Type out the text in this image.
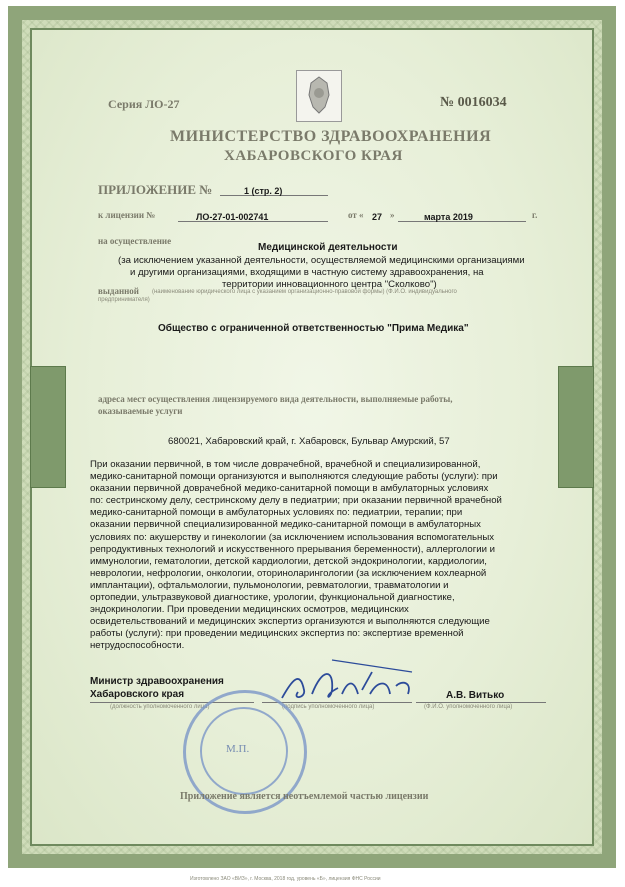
Серия ЛО-27	№ 0016034
МИНИСТЕРСТВО ЗДРАВООХРАНЕНИЯ
ХАБАРОВСКОГО КРАЯ
ПРИЛОЖЕНИЕ №	1 (стр. 2)
к лицензии №	ЛО-27-01-002741	от « 27 »	марта 2019	г.
на осуществление
Медицинской деятельности
(за исключением указанной деятельности, осуществляемой медицинскими организациями
и другими организациями, входящими в частную систему здравоохранения, на
территории инновационного центра "Сколково")
выданной (наименование юридического лица с указанием организационно-правовой формы) (Ф.И.О. индивидуального
предпринимателя)
Общество с ограниченной ответственностью "Прима Медика"
адреса мест осуществления лицензируемого вида деятельности, выполняемые работы,
оказываемые услуги
680021, Хабаровский край, г. Хабаровск, Бульвар Амурский, 57
При оказании первичной, в том числе доврачебной, врачебной и специализированной,
медико-санитарной помощи организуются и выполняются следующие работы (услуги): при
оказании первичной доврачебной медико-санитарной помощи в амбулаторных условиях
по: сестринскому делу, сестринскому делу в педиатрии; при оказании первичной врачебной
медико-санитарной помощи в амбулаторных условиях по: педиатрии, терапии; при
оказании первичной специализированной медико-санитарной помощи в амбулаторных
условиях по: акушерству и гинекологии (за исключением использования вспомогательных
репродуктивных технологий и искусственного прерывания беременности), аллергологии и
иммунологии, гематологии, детской кардиологии, детской эндокринологии, кардиологии,
неврологии, нефрологии, онкологии, оториноларингологии (за исключением кохлеарной
имплантации), офтальмологии, пульмонологии, ревматологии, травматологии и
ортопедии, ультразвуковой диагностике, урологии, функциональной диагностике,
эндокринологии. При проведении медицинских осмотров, медицинских
освидетельствований и медицинских экспертиз организуются и выполняются следующие
работы (услуги): при проведении медицинских экспертиз по: экспертизе временной
нетрудоспособности.
Министр здравоохранения
Хабаровского края
(должность уполномоченного лица)	(подпись уполномоченного лица)
А.В. Витько
(Ф.И.О. уполномоченного лица)
М.П.
Приложение является неотъемлемой частью лицензии
Изготовлено ЗАО «ВИЗ», г. Москва, 2018 год, уровень «Б», лицензия ФНС России
